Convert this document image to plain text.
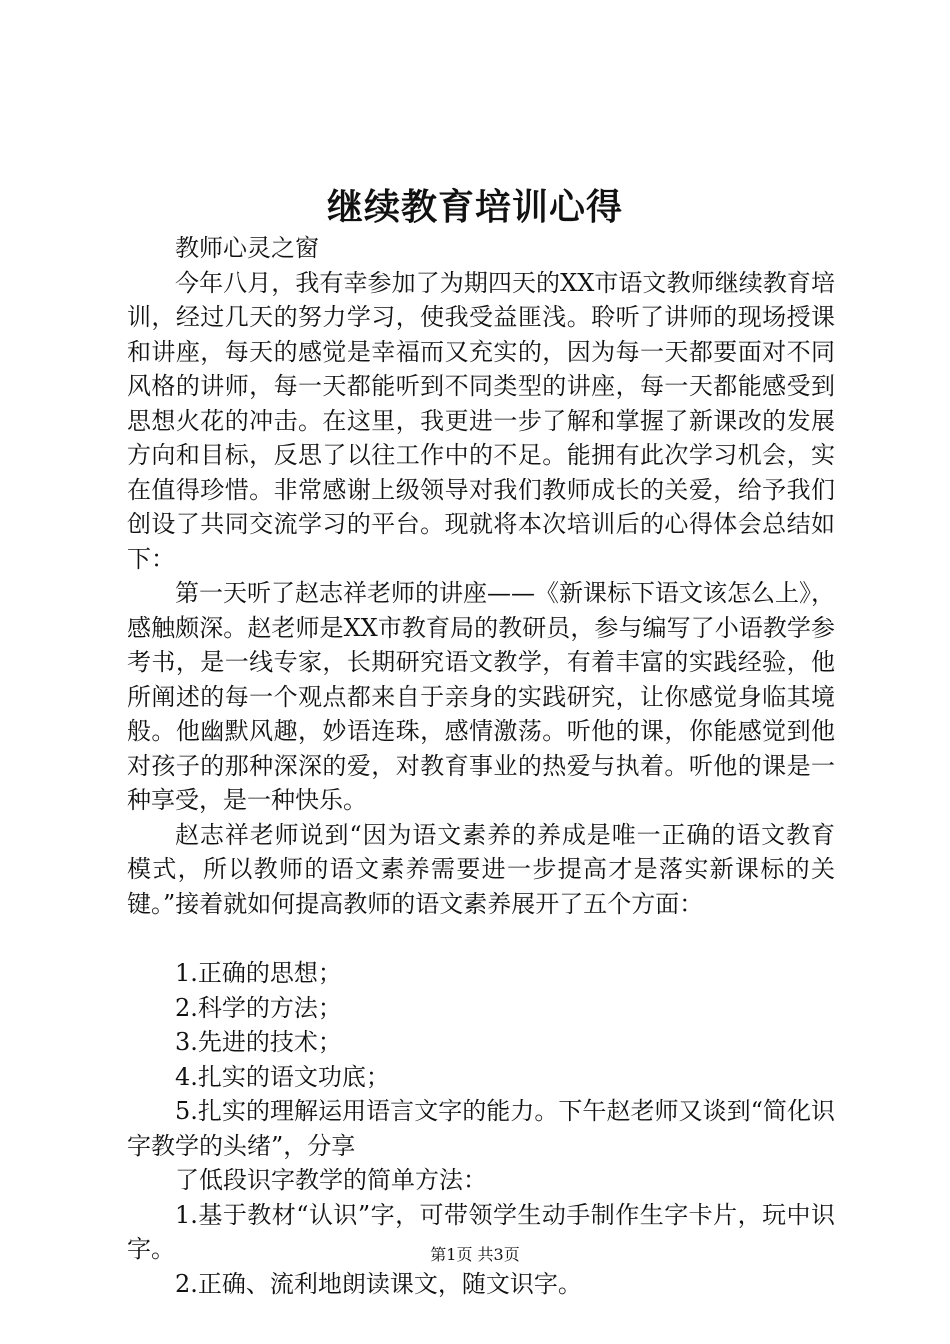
继续教育培训心得

教师心灵之窗

今年八月，我有幸参加了为期四天的XX市语文教师继续教育培训，经过几天的努力学习，使我受益匪浅。聆听了讲师的现场授课和讲座，每天的感觉是幸福而又充实的，因为每一天都要面对不同风格的讲师，每一天都能听到不同类型的讲座，每一天都能感受到思想火花的冲击。在这里，我更进一步了解和掌握了新课改的发展方向和目标，反思了以往工作中的不足。能拥有此次学习机会，实在值得珍惜。非常感谢上级领导对我们教师成长的关爱，给予我们创设了共同交流学习的平台。现就将本次培训后的心得体会总结如下：

第一天听了赵志祥老师的讲座——《新课标下语文该怎么上》，感触颇深。赵老师是XX市教育局的教研员，参与编写了小语教学参考书，是一线专家，长期研究语文教学，有着丰富的实践经验，他所阐述的每一个观点都来自于亲身的实践研究，让你感觉身临其境般。他幽默风趣，妙语连珠，感情激荡。听他的课，你能感觉到他对孩子的那种深深的爱，对教育事业的热爱与执着。听他的课是一种享受，是一种快乐。

赵志祥老师说到“因为语文素养的养成是唯一正确的语文教育模式，所以教师的语文素养需要进一步提高才是落实新课标的关键。”接着就如何提高教师的语文素养展开了五个方面：

1.正确的思想；

2.科学的方法；

3.先进的技术；

4.扎实的语文功底；

5.扎实的理解运用语言文字的能力。下午赵老师又谈到“简化识字教学的头绪”，分享

了低段识字教学的简单方法：

1.基于教材“认识”字，可带领学生动手制作生字卡片，玩中识字。

2.正确、流利地朗读课文，随文识字。

第1页 共3页
